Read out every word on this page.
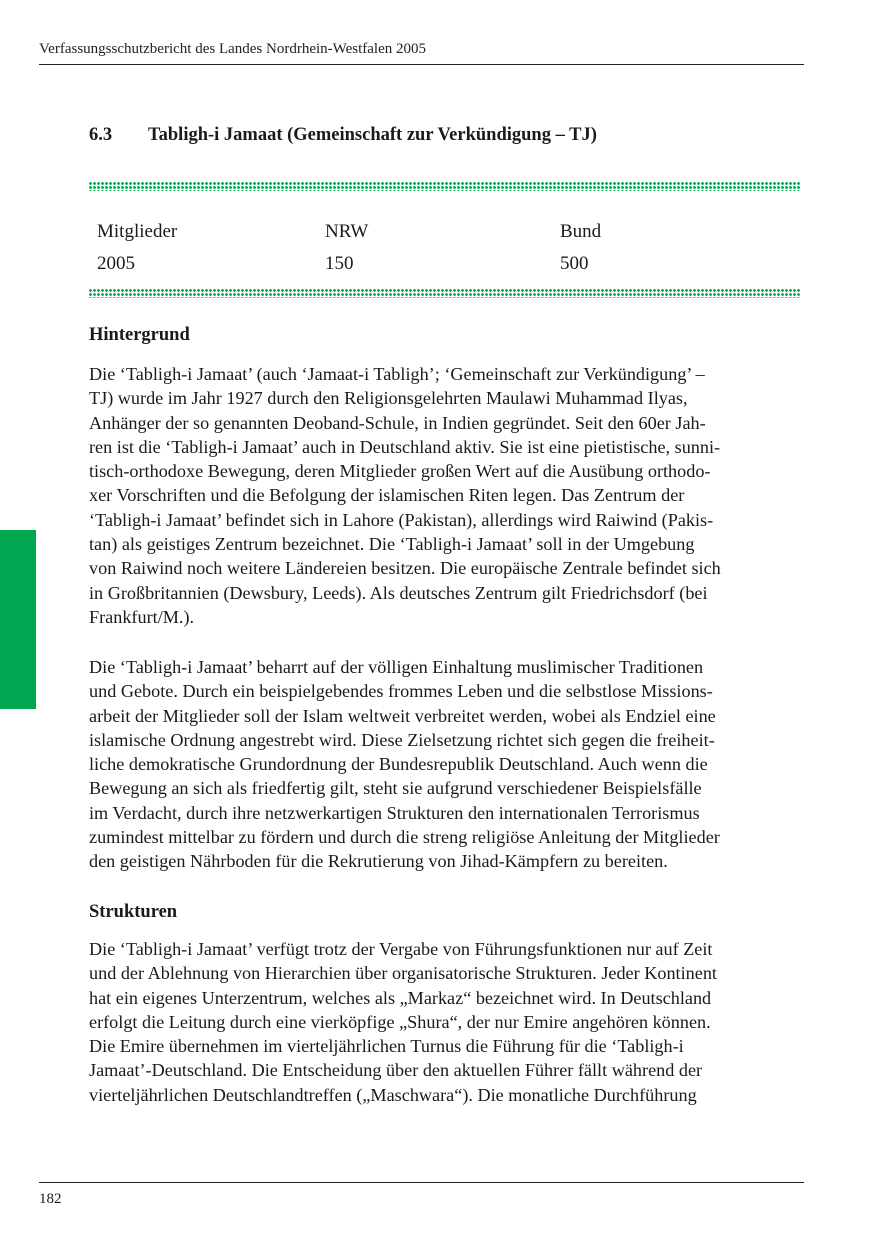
Verfassungsschutzbericht des Landes Nordrhein-Westfalen 2005
6.3 Tabligh-i Jamaat (Gemeinschaft zur Verkündigung – TJ)
Mitglieder	NRW	Bund
2005	150	500
Hintergrund
Die ‘Tabligh-i Jamaat’ (auch ‘Jamaat-i Tabligh’; ‘Gemeinschaft zur Verkündigung’ –
TJ) wurde im Jahr 1927 durch den Religionsgelehrten Maulawi Muhammad Ilyas,
Anhänger der so genannten Deoband-Schule, in Indien gegründet. Seit den 60er Jah-
ren ist die ‘Tabligh-i Jamaat’ auch in Deutschland aktiv. Sie ist eine pietistische, sunni-
tisch-orthodoxe Bewegung, deren Mitglieder großen Wert auf die Ausübung orthodo-
xer Vorschriften und die Befolgung der islamischen Riten legen. Das Zentrum der
‘Tabligh-i Jamaat’ befindet sich in Lahore (Pakistan), allerdings wird Raiwind (Pakis-
tan) als geistiges Zentrum bezeichnet. Die ‘Tabligh-i Jamaat’ soll in der Umgebung
von Raiwind noch weitere Ländereien besitzen. Die europäische Zentrale befindet sich
in Großbritannien (Dewsbury, Leeds). Als deutsches Zentrum gilt Friedrichsdorf (bei
Frankfurt/M.).
Die ‘Tabligh-i Jamaat’ beharrt auf der völligen Einhaltung muslimischer Traditionen
und Gebote. Durch ein beispielgebendes frommes Leben und die selbstlose Missions-
arbeit der Mitglieder soll der Islam weltweit verbreitet werden, wobei als Endziel eine
islamische Ordnung angestrebt wird. Diese Zielsetzung richtet sich gegen die freiheit-
liche demokratische Grundordnung der Bundesrepublik Deutschland. Auch wenn die
Bewegung an sich als friedfertig gilt, steht sie aufgrund verschiedener Beispielsfälle
im Verdacht, durch ihre netzwerkartigen Strukturen den internationalen Terrorismus
zumindest mittelbar zu fördern und durch die streng religiöse Anleitung der Mitglieder
den geistigen Nährboden für die Rekrutierung von Jihad-Kämpfern zu bereiten.
Strukturen
Die ‘Tabligh-i Jamaat’ verfügt trotz der Vergabe von Führungsfunktionen nur auf Zeit
und der Ablehnung von Hierarchien über organisatorische Strukturen. Jeder Kontinent
hat ein eigenes Unterzentrum, welches als „Markaz“ bezeichnet wird. In Deutschland
erfolgt die Leitung durch eine vierköpfige „Shura“, der nur Emire angehören können.
Die Emire übernehmen im vierteljährlichen Turnus die Führung für die ‘Tabligh-i
Jamaat’-Deutschland. Die Entscheidung über den aktuellen Führer fällt während der
vierteljährlichen Deutschlandtreffen („Maschwara“). Die monatliche Durchführung
182
